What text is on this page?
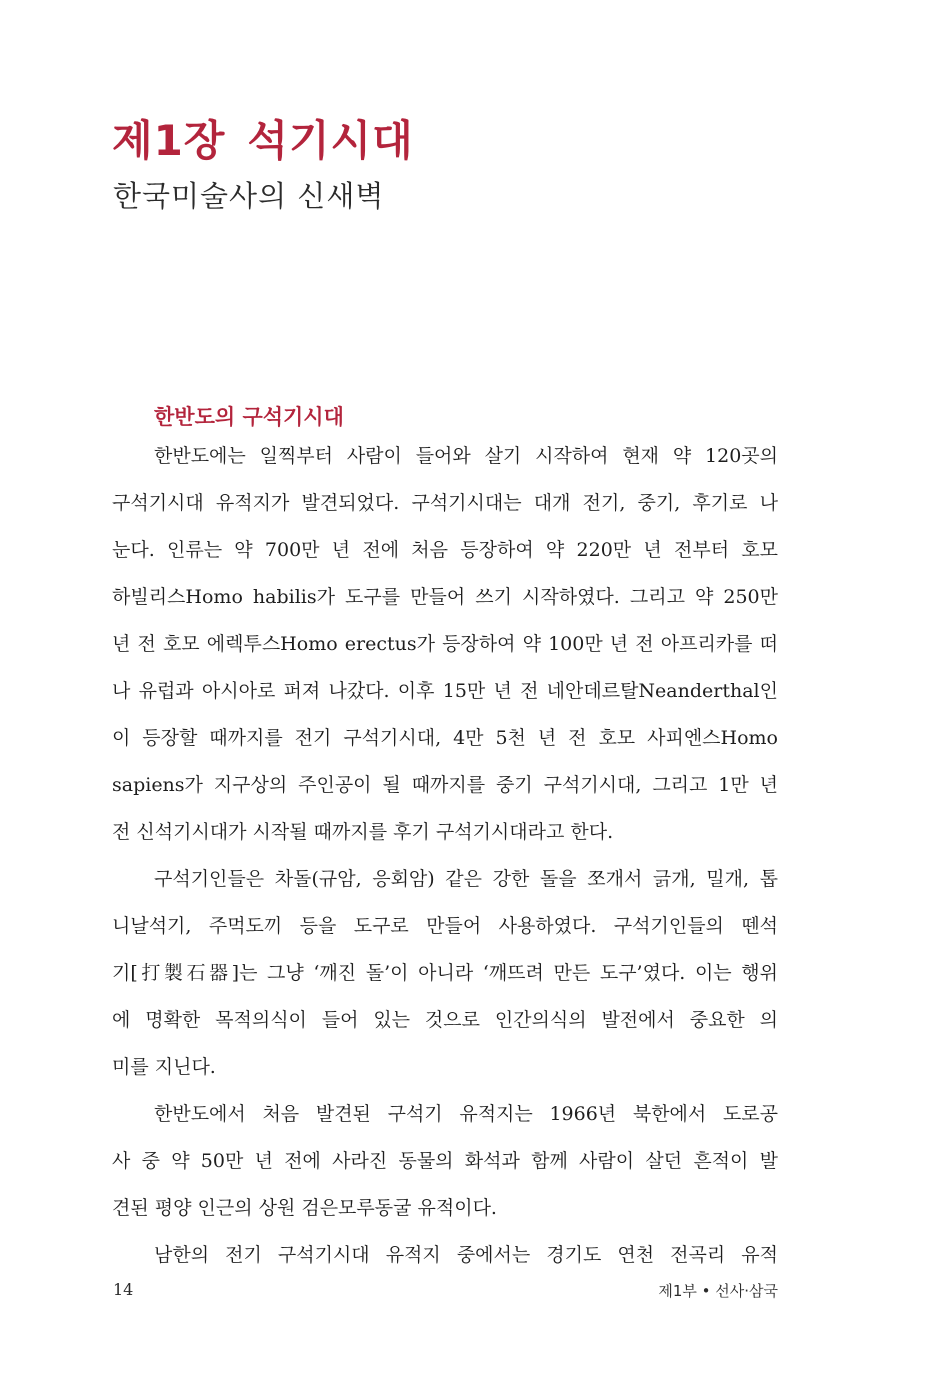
제1장 석기시대
한국미술사의 신새벽
한반도의 구석기시대
한반도에는 일찍부터 사람이 들어와 살기 시작하여 현재 약 120곳의
구석기시대 유적지가 발견되었다. 구석기시대는 대개 전기, 중기, 후기로 나
눈다. 인류는 약 700만 년 전에 처음 등장하여 약 220만 년 전부터 호모
하빌리스Homo habilis가 도구를 만들어 쓰기 시작하였다. 그리고 약 250만
년 전 호모 에렉투스Homo erectus가 등장하여 약 100만 년 전 아프리카를 떠
나 유럽과 아시아로 퍼져 나갔다. 이후 15만 년 전 네안데르탈Neanderthal인
이 등장할 때까지를 전기 구석기시대, 4만 5천 년 전 호모 사피엔스Homo
sapiens가 지구상의 주인공이 될 때까지를 중기 구석기시대, 그리고 1만 년
전 신석기시대가 시작될 때까지를 후기 구석기시대라고 한다.
구석기인들은 차돌(규암, 응회암) 같은 강한 돌을 쪼개서 긁개, 밀개, 톱
니날석기, 주먹도끼 등을 도구로 만들어 사용하였다. 구석기인들의 뗀석
기[打製石器]는 그냥 ‘깨진 돌’이 아니라 ‘깨뜨려 만든 도구’였다. 이는 행위
에 명확한 목적의식이 들어 있는 것으로 인간의식의 발전에서 중요한 의
미를 지닌다.
한반도에서 처음 발견된 구석기 유적지는 1966년 북한에서 도로공
사 중 약 50만 년 전에 사라진 동물의 화석과 함께 사람이 살던 흔적이 발
견된 평양 인근의 상원 검은모루동굴 유적이다.
남한의 전기 구석기시대 유적지 중에서는 경기도 연천 전곡리 유적
14	제1부 • 선사·삼국
